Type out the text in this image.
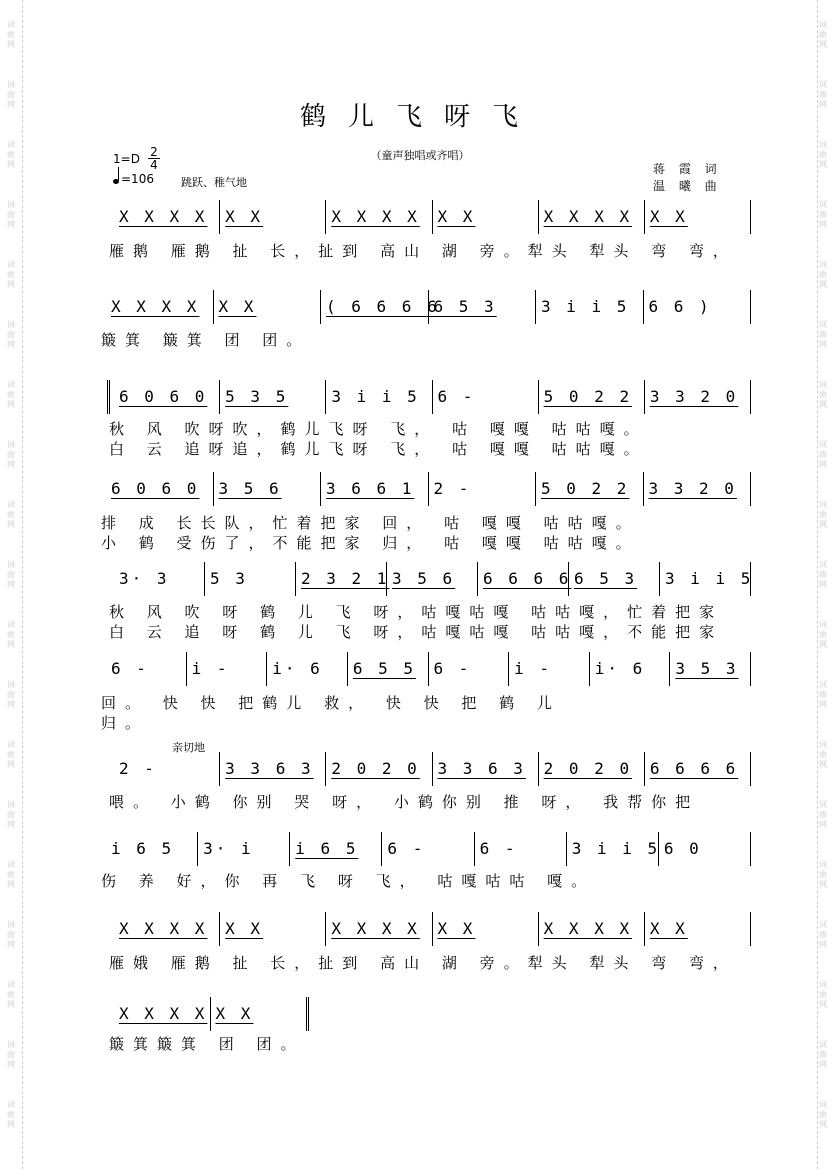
鹤儿飞呀飞
（童声独唱或齐唱）
1=D 2
4
=106 跳跃、稚气地
蒋 霞 词
温 曦 曲
亲切地
X X X X X X	X X X X X X	X X X X X X
雁鹅 雁鹅 扯 长，扯到 高山 湖 旁。犁头 犁头 弯 弯，
X X X X X X	( 6 6 6 6
6 5 3	3 i i 5 6 6 )
簸箕 簸箕 团 团。
6 0 6 0 5 3 5	3 i i 5 6 -	5 0 2 2 3 3 2 0
秋 风 吹呀吹，鹤儿飞呀 飞， 咕 嘎嘎 咕咕嘎。
白 云 追呀追，鹤儿飞呀 飞， 咕 嘎嘎 咕咕嘎。
6 0 6 0 3 5 6	3 6 6 1 2 -	5 0 2 2 3 3 2 0
排 成 长长队，忙着把家 回， 咕 嘎嘎 咕咕嘎。
小 鹤 受伤了，不能把家 归， 咕 嘎嘎 咕咕嘎。
3· 3	5 3	2 3 2 1 3 5 6 6 6 6 6 6 5 3 3 i i 5
秋 风 吹 呀 鹤 儿 飞 呀，咕嘎咕嘎 咕咕嘎，忙着把家
白 云 追 呀 鹤 儿 飞 呀，咕嘎咕嘎 咕咕嘎，不能把家
6 -	i -	i· 6 6 5 5 6 -	i -	i· 6 3 5 3
回。 快 快 把鹤儿 救， 快 快 把 鹤 儿
归。
2 -	3 3 6 3 2 0 2 0 3 3 6 3 2 0 2 0 6 6 6 6
喂。 小鹤 你别 哭 呀， 小鹤你别 推 呀， 我帮你把
i 6 5 3· i	i 6 5 6 -	6 -	3 i i 5 6 0
伤 养 好，你 再 飞 呀 飞， 咕嘎咕咕 嘎。
X X X X X X	X X X X X X	X X X X X X
雁娥 雁鹅 扯 长，扯到 高山 湖 旁。犁头 犁头 弯 弯，
X X X X X X
簸箕簸箕 团 团。
词
曲
网
词
曲
网
词
曲
网
词
曲
网
词
曲
网
词
曲
网
词
曲
网
词
曲
网
词
曲
网
词
曲
网
词
曲
网
词
曲
网
词
曲
网
词
曲
网
词
曲
网
词
曲
网
词
曲
网
词
曲
网
词
曲
网
词
曲
网
词
曲
网
词
曲
网
词
曲
网
词
曲
网
词
曲
网
词
曲
网
词
曲
网
词
曲
网
词
曲
网
词
曲
网
词
曲
网
词
曲
网
词
曲
网
词
曲
网
词
曲
网
词
曲
网
词
曲
网
词
曲
网
